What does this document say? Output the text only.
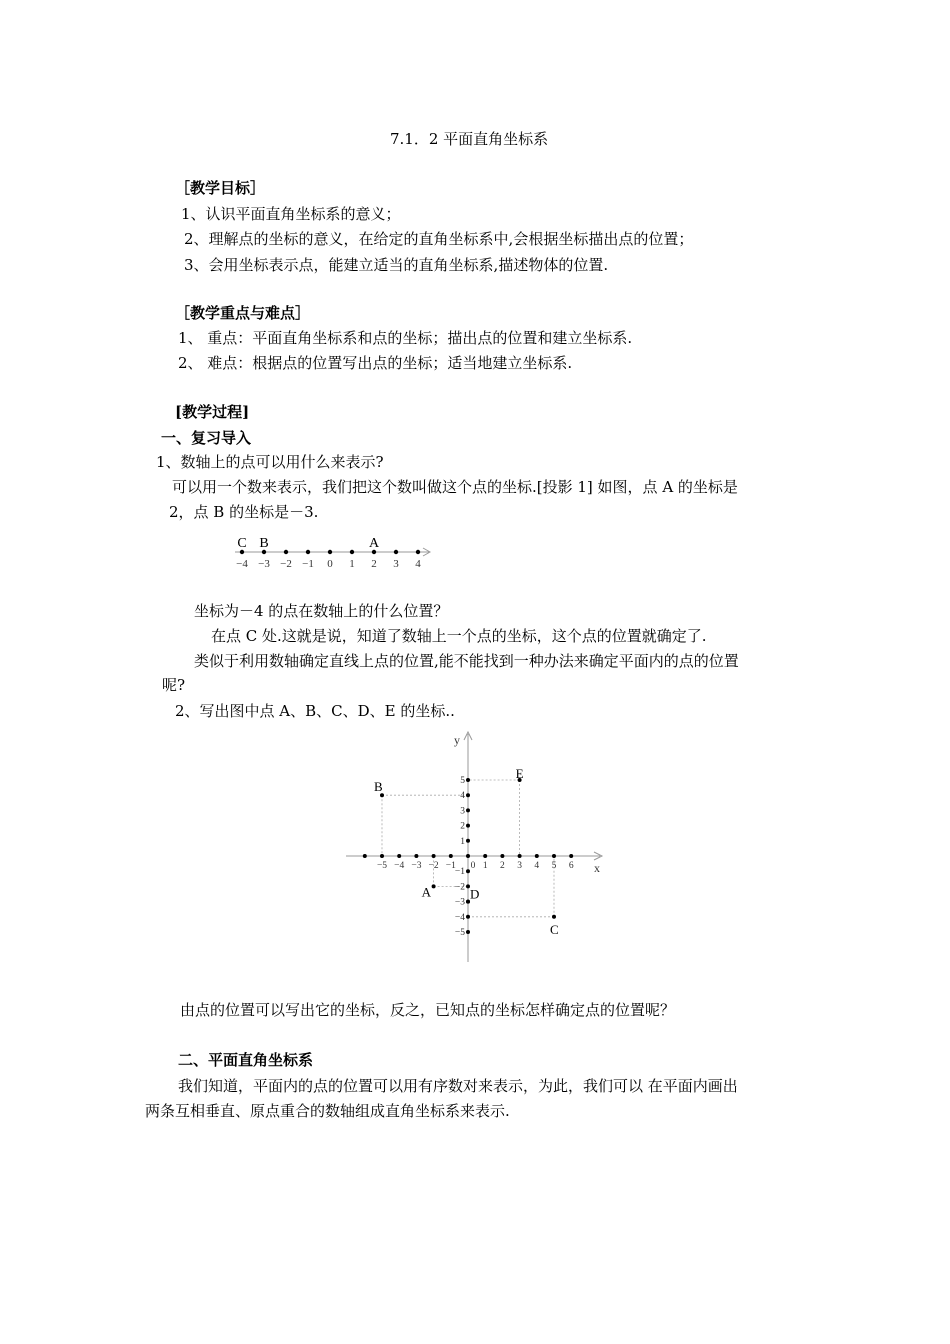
7.1．2 平面直角坐标系
［教学目标］
1、认识平面直角坐标系的意义；
2、理解点的坐标的意义，在给定的直角坐标系中,会根据坐标描出点的位置；
3、会用坐标表示点，能建立适当的直角坐标系,描述物体的位置.
［教学重点与难点］
1、 重点：平面直角坐标系和点的坐标；描出点的位置和建立坐标系.
2、 难点：根据点的位置写出点的坐标；适当地建立坐标系.
[教学过程]
一、复习导入
1、数轴上的点可以用什么来表示?
可以用一个数来表示，我们把这个数叫做这个点的坐标.[投影 1] 如图，点 A 的坐标是
2，点 B 的坐标是－3.
−4 −3 −2 −1 0 1 2 3 4
C B	A
坐标为－4 的点在数轴上的什么位置？
在点 C 处.这就是说，知道了数轴上一个点的坐标，这个点的位置就确定了.
类似于利用数轴确定直线上点的位置,能不能找到一种办法来确定平面内的点的位置
呢?
2、写出图中点 A、B、C、D、E 的坐标..
x
y
−5 −4 −3 −2 −1 0 1 2 3 4 5 6
1
2
3
4
5
−1
−2
−3
−4
−5
A
B
C
D
E
由点的位置可以写出它的坐标，反之，已知点的坐标怎样确定点的位置呢？
二、平面直角坐标系
我们知道，平面内的点的位置可以用有序数对来表示，为此，我们可以 在平面内画出
两条互相垂直、原点重合的数轴组成直角坐标系来表示.
